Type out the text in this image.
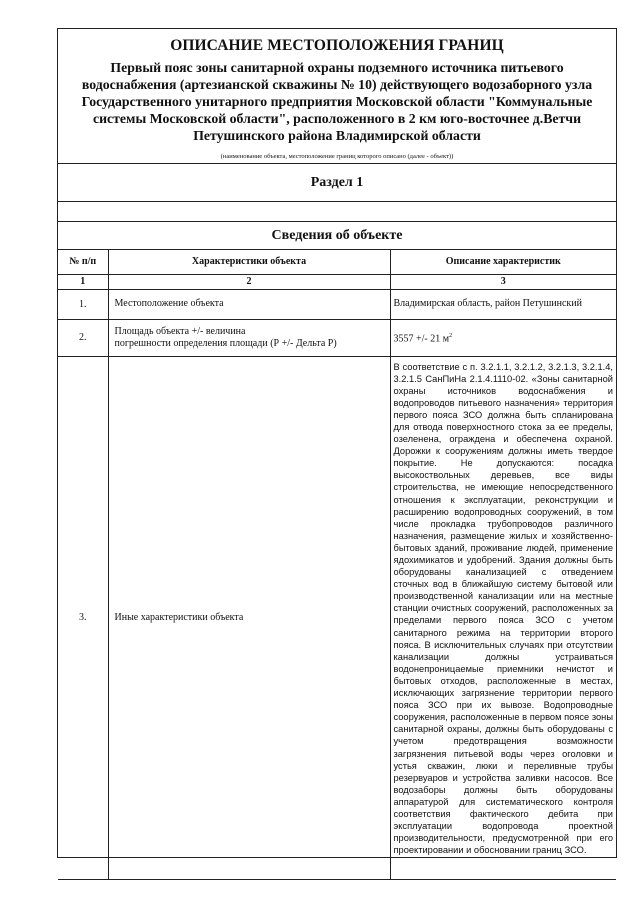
ОПИСАНИЕ МЕСТОПОЛОЖЕНИЯ ГРАНИЦ
Первый пояс зоны санитарной охраны подземного источника питьевого водоснабжения (артезианской скважины № 10) действующего водозаборного узла Государственного унитарного предприятия Московской области "Коммунальные системы Московской области", расположенного в 2 км юго-восточнее д.Ветчи Петушинского района Владимирской области
(наименование объекта, местоположение границ которого описано (далее - объект))
Раздел 1
Сведения об объекте
№ п/п	Характеристики объекта	Описание характеристик
1	2	3
1.	Местоположение объекта	Владимирская область, район Петушинский
2.	Площадь объекта +/- величина
погрешности определения площади (Р +/- Дельта Р)	3557 +/- 21 $м^2$
3.	Иные характеристики объекта	В соответствие с п. 3.2.1.1, 3.2.1.2, 3.2.1.3, 3.2.1.4, 3.2.1.5 СанПиНа 2.1.4.1110-02. «Зоны санитарной охраны источников водоснабжения и водопроводов питьевого назначения» территория первого пояса ЗСО должна быть спланирована для отвода поверхностного стока за ее пределы, озеленена, ограждена и обеспечена охраной. Дорожки к сооружениям должны иметь твердое покрытие. Не допускаются: посадка высокоствольных деревьев, все виды строительства, не имеющие непосредственного отношения к эксплуатации, реконструкции и расширению водопроводных сооружений, в том числе прокладка трубопроводов различного назначения, размещение жилых и хозяйственно-бытовых зданий, проживание людей, применение ядохимикатов и удобрений. Здания должны быть оборудованы канализацией с отведением сточных вод в ближайшую систему бытовой или производственной канализации или на местные станции очистных сооружений, расположенных за пределами первого пояса ЗСО с учетом санитарного режима на территории второго пояса. В исключительных случаях при отсутствии канализации должны устраиваться водонепроницаемые приемники нечистот и бытовых отходов, расположенные в местах, исключающих загрязнение территории первого пояса ЗСО при их вывозе. Водопроводные сооружения, расположенные в первом поясе зоны санитарной охраны, должны быть оборудованы с учетом предотвращения возможности загрязнения питьевой воды через оголовки и устья скважин, люки и переливные трубы резервуаров и устройства заливки насосов. Все водозаборы должны быть оборудованы аппаратурой для систематического контроля соответствия фактического дебита при эксплуатации водопровода проектной производительности, предусмотренной при его проектировании и обосновании границ ЗСО.
